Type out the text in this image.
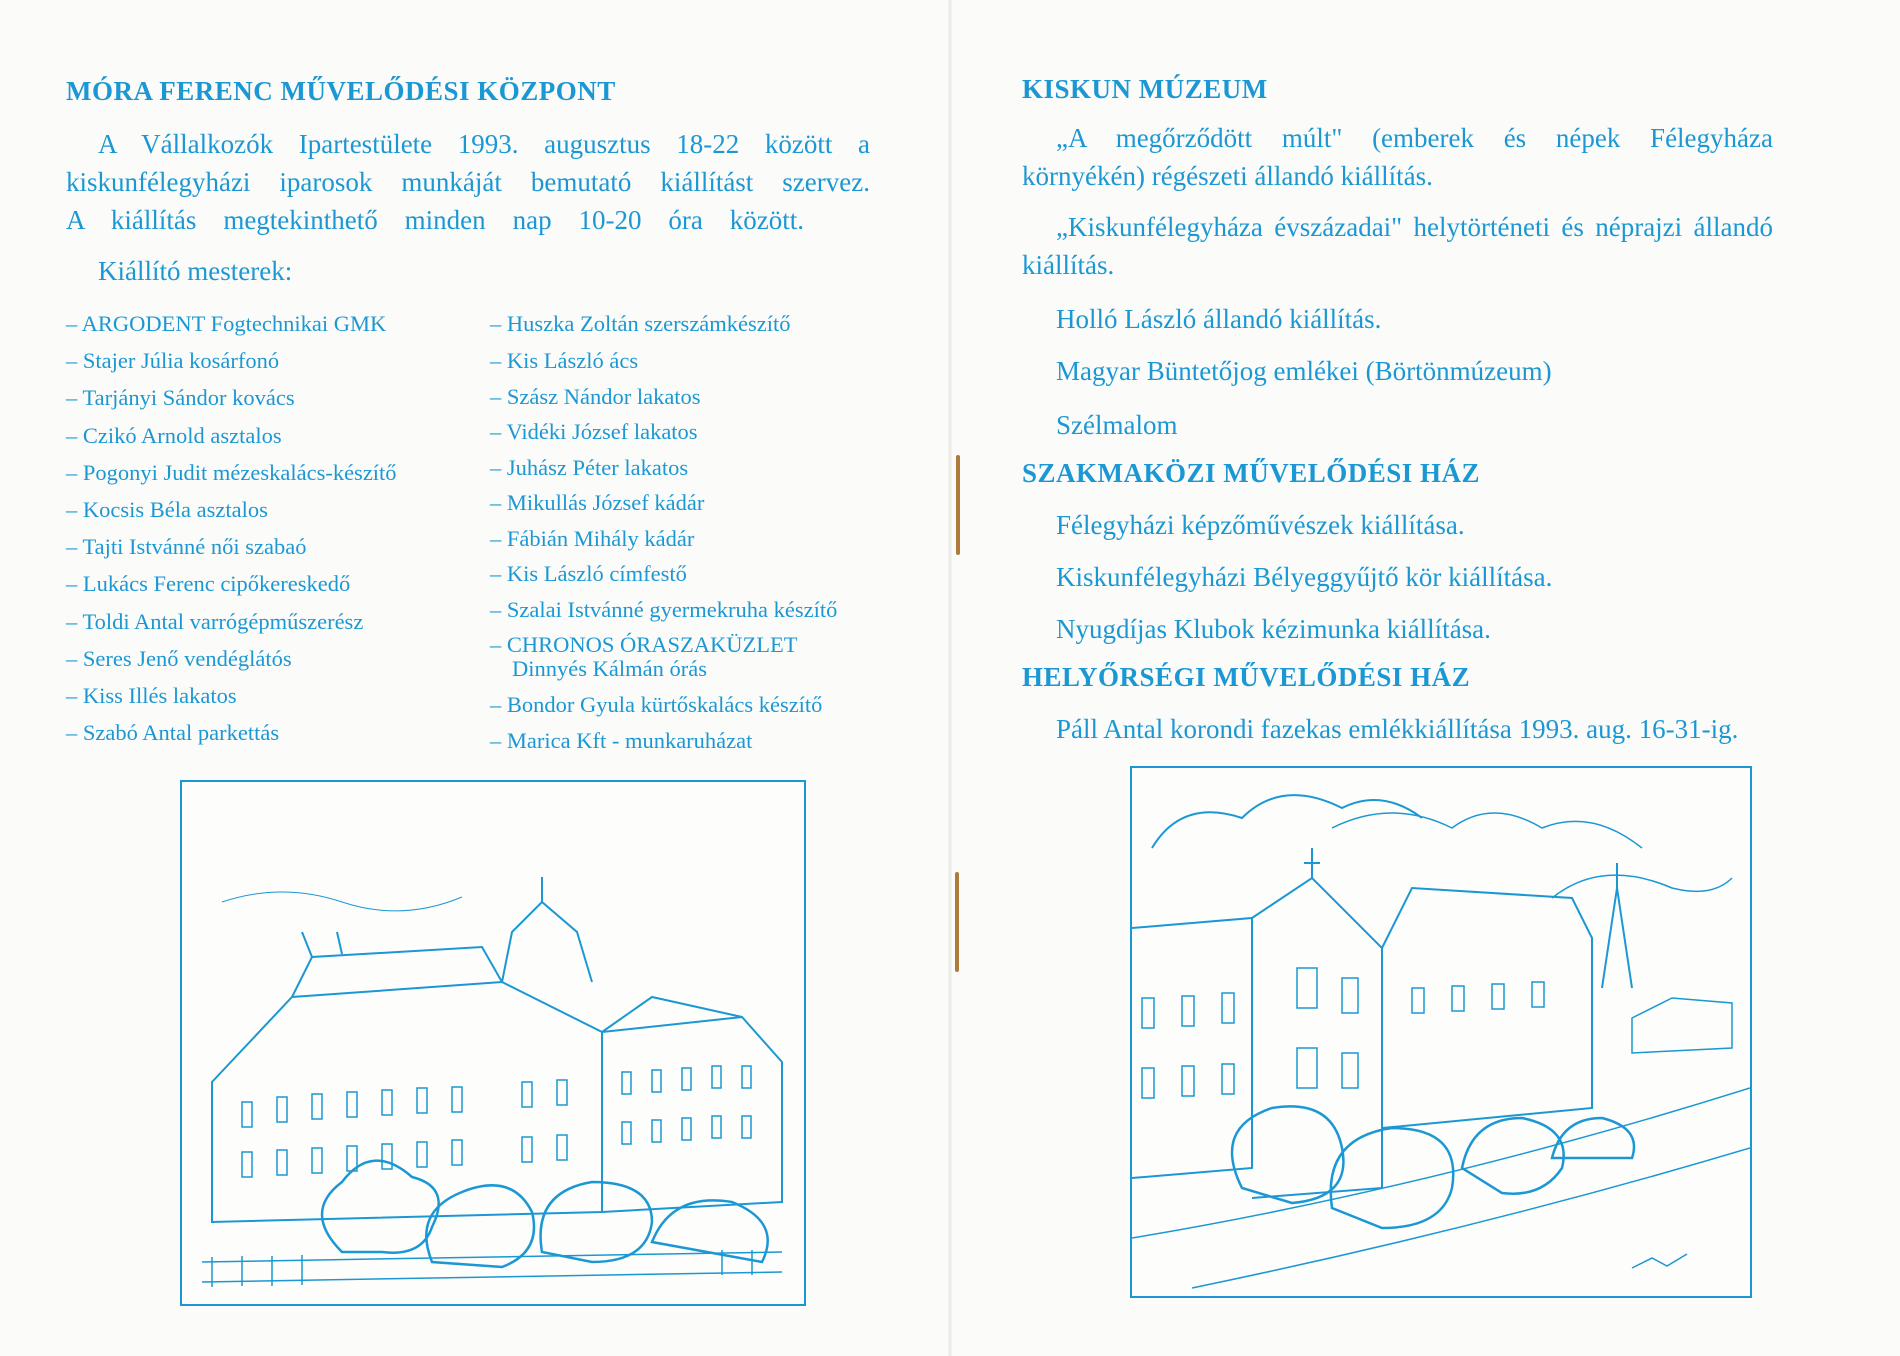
MÓRA FERENC MŰVELŐDÉSI KÖZPONT

A Vállalkozók Ipartestülete 1993. augusztus 18-22 között a

kiskunfélegyházi iparosok munkáját bemutató kiállítást szervez.

A kiállítás megtekinthető minden nap 10-20 óra között.

Kiállító mesterek:

– ARGODENT Fogtechnikai GMK
– Stajer Júlia kosárfonó
– Tarjányi Sándor kovács
– Czikó Arnold asztalos
– Pogonyi Judit mézeskalács-készítő
– Kocsis Béla asztalos
– Tajti Istvánné női szabaó
– Lukács Ferenc cipőkereskedő
– Toldi Antal varrógépműszerész
– Seres Jenő vendéglátós
– Kiss Illés lakatos
– Szabó Antal parkettás
– Huszka Zoltán szerszámkészítő
– Kis László ács
– Szász Nándor lakatos
– Vidéki József lakatos
– Juhász Péter lakatos
– Mikullás József kádár
– Fábián Mihály kádár
– Kis László címfestő
– Szalai Istvánné gyermekruha készítő
– CHRONOS ÓRASZAKÜZLET
Dinnyés Kálmán órás
– Bondor Gyula kürtőskalács készítő
– Marica Kft - munkaruházat
KISKUN MÚZEUM

„A megőrződött múlt" (emberek és népek Félegyháza

környékén) régészeti állandó kiállítás.

„Kiskunfélegyháza évszázadai" helytörténeti és néprajzi állandó

kiállítás.

Holló László állandó kiállítás.

Magyar Büntetőjog emlékei (Börtönmúzeum)

Szélmalom

SZAKMAKÖZI MŰVELŐDÉSI HÁZ

Félegyházi képzőművészek kiállítása.

Kiskunfélegyházi Bélyeggyűjtő kör kiállítása.

Nyugdíjas Klubok kézimunka kiállítása.

HELYŐRSÉGI MŰVELŐDÉSI HÁZ

Páll Antal korondi fazekas emlékkiállítása 1993. aug. 16-31-ig.
